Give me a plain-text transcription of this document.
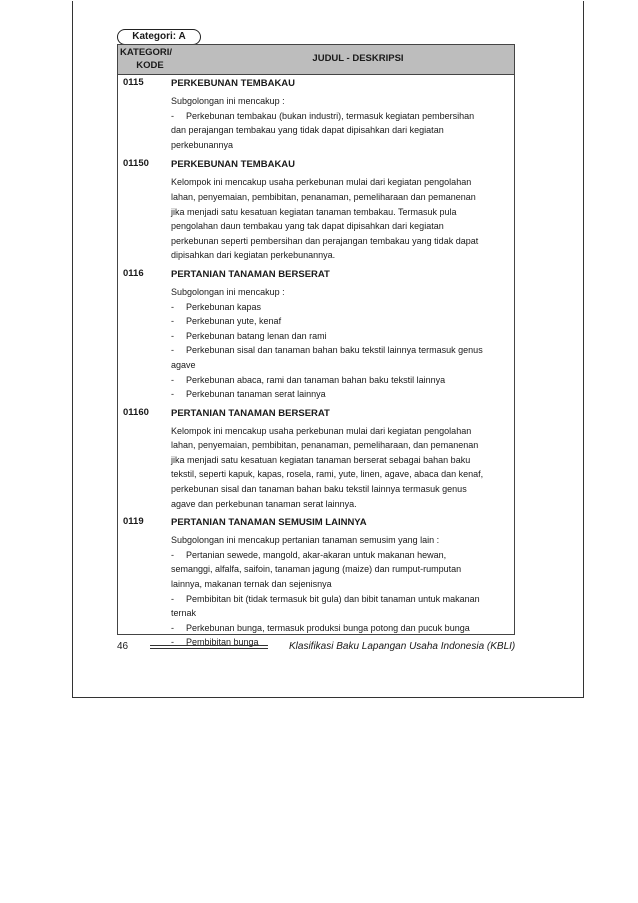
Kategori: A
KATEGORI/
KODE
JUDUL - DESKRIPSI
0115	PERKEBUNAN TEMBAKAU

Subgolongan ini mencakup :

- Perkebunan tembakau (bukan industri), termasuk kegiatan pembersihan

dan perajangan tembakau yang tidak dapat dipisahkan dari kegiatan

perkebunannya

01150 PERKEBUNAN TEMBAKAU

Kelompok ini mencakup usaha perkebunan mulai dari kegiatan pengolahan

lahan, penyemaian, pembibitan, penanaman, pemeliharaan dan pemanenan

jika menjadi satu kesatuan kegiatan tanaman tembakau. Termasuk pula

pengolahan daun tembakau yang tak dapat dipisahkan dari kegiatan

perkebunan seperti pembersihan dan perajangan tembakau yang tidak dapat

dipisahkan dari kegiatan perkebunannya.

0116	PERTANIAN TANAMAN BERSERAT

Subgolongan ini mencakup :

- Perkebunan kapas

- Perkebunan yute, kenaf

- Perkebunan batang lenan dan rami

- Perkebunan sisal dan tanaman bahan baku tekstil lainnya termasuk genus

agave

- Perkebunan abaca, rami dan tanaman bahan baku tekstil lainnya

- Perkebunan tanaman serat lainnya

01160 PERTANIAN TANAMAN BERSERAT

Kelompok ini mencakup usaha perkebunan mulai dari kegiatan pengolahan

lahan, penyemaian, pembibitan, penanaman, pemeliharaan, dan pemanenan

jika menjadi satu kesatuan kegiatan tanaman berserat sebagai bahan baku

tekstil, seperti kapuk, kapas, rosela, rami, yute, linen, agave, abaca dan kenaf,

perkebunan sisal dan tanaman bahan baku tekstil lainnya termasuk genus

agave dan perkebunan tanaman serat lainnya.

0119	PERTANIAN TANAMAN SEMUSIM LAINNYA

Subgolongan ini mencakup pertanian tanaman semusim yang lain :

- Pertanian sewede, mangold, akar-akaran untuk makanan hewan,

semanggi, alfalfa, saifoin, tanaman jagung (maize) dan rumput-rumputan

lainnya, makanan ternak dan sejenisnya

- Pembibitan bit (tidak termasuk bit gula) dan bibit tanaman untuk makanan

ternak

- Perkebunan bunga, termasuk produksi bunga potong dan pucuk bunga

- Pembibitan bunga

46	Klasifikasi Baku Lapangan Usaha Indonesia (KBLI)
